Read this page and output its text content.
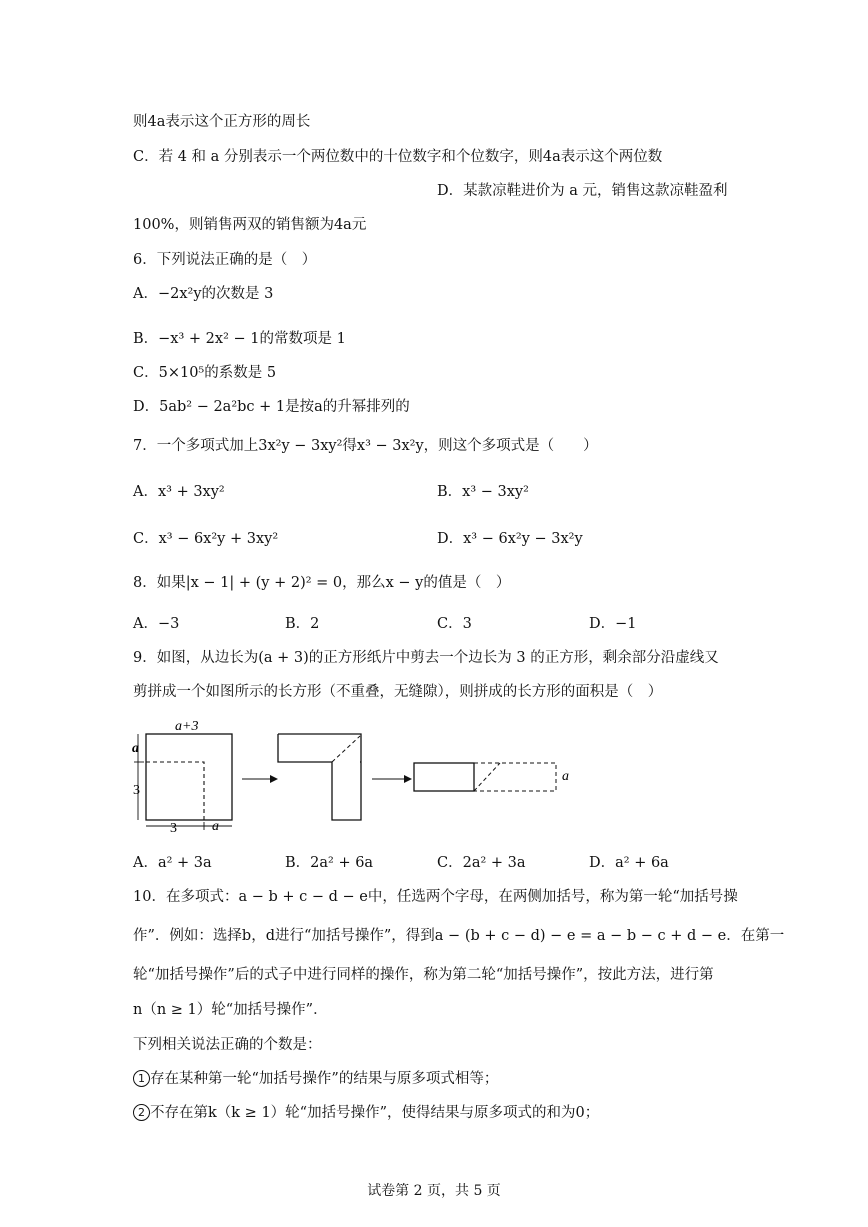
则4a表示这个正方形的周长
C．若 4 和 a 分别表示一个两位数中的十位数字和个位数字，则4a表示这个两位数
D．某款凉鞋进价为 a 元，销售这款凉鞋盈利
100%，则销售两双的销售额为4a元
6．下列说法正确的是（　）
A．−2x²y的次数是 3
B．−x³ + 2x² − 1的常数项是 1
C．5×10⁵的系数是 5
D．5ab² − 2a²bc + 1是按a的升幂排列的
7．一个多项式加上3x²y − 3xy²得x³ − 3x²y，则这个多项式是（　　）
A．x³ + 3xy²	B．x³ − 3xy²
C．x³ − 6x²y + 3xy²	D．x³ − 6x²y − 3x²y
8．如果|x − 1| + (y + 2)² = 0，那么x − y的值是（　）
A．−3	B．2	C．3	D．−1
9．如图，从边长为(a + 3)的正方形纸片中剪去一个边长为 3 的正方形，剩余部分沿虚线又
剪拼成一个如图所示的长方形（不重叠，无缝隙），则拼成的长方形的面积是（　）
a+3
a
3
3	a
a
A．a² + 3a	B．2a² + 6a	C．2a² + 3a	D．a² + 6a
10．在多项式：a − b + c − d − e中，任选两个字母，在两侧加括号，称为第一轮“加括号操
作”．例如：选择b，d进行“加括号操作”，得到a − (b + c − d) − e = a − b − c + d − e．在第一
轮“加括号操作”后的式子中进行同样的操作，称为第二轮“加括号操作”，按此方法，进行第
n（n ≥ 1）轮“加括号操作”．
下列相关说法正确的个数是：
1 存在某种第一轮“加括号操作”的结果与原多项式相等；
2 不存在第k（k ≥ 1）轮“加括号操作”，使得结果与原多项式的和为0；
试卷第 2 页，共 5 页
